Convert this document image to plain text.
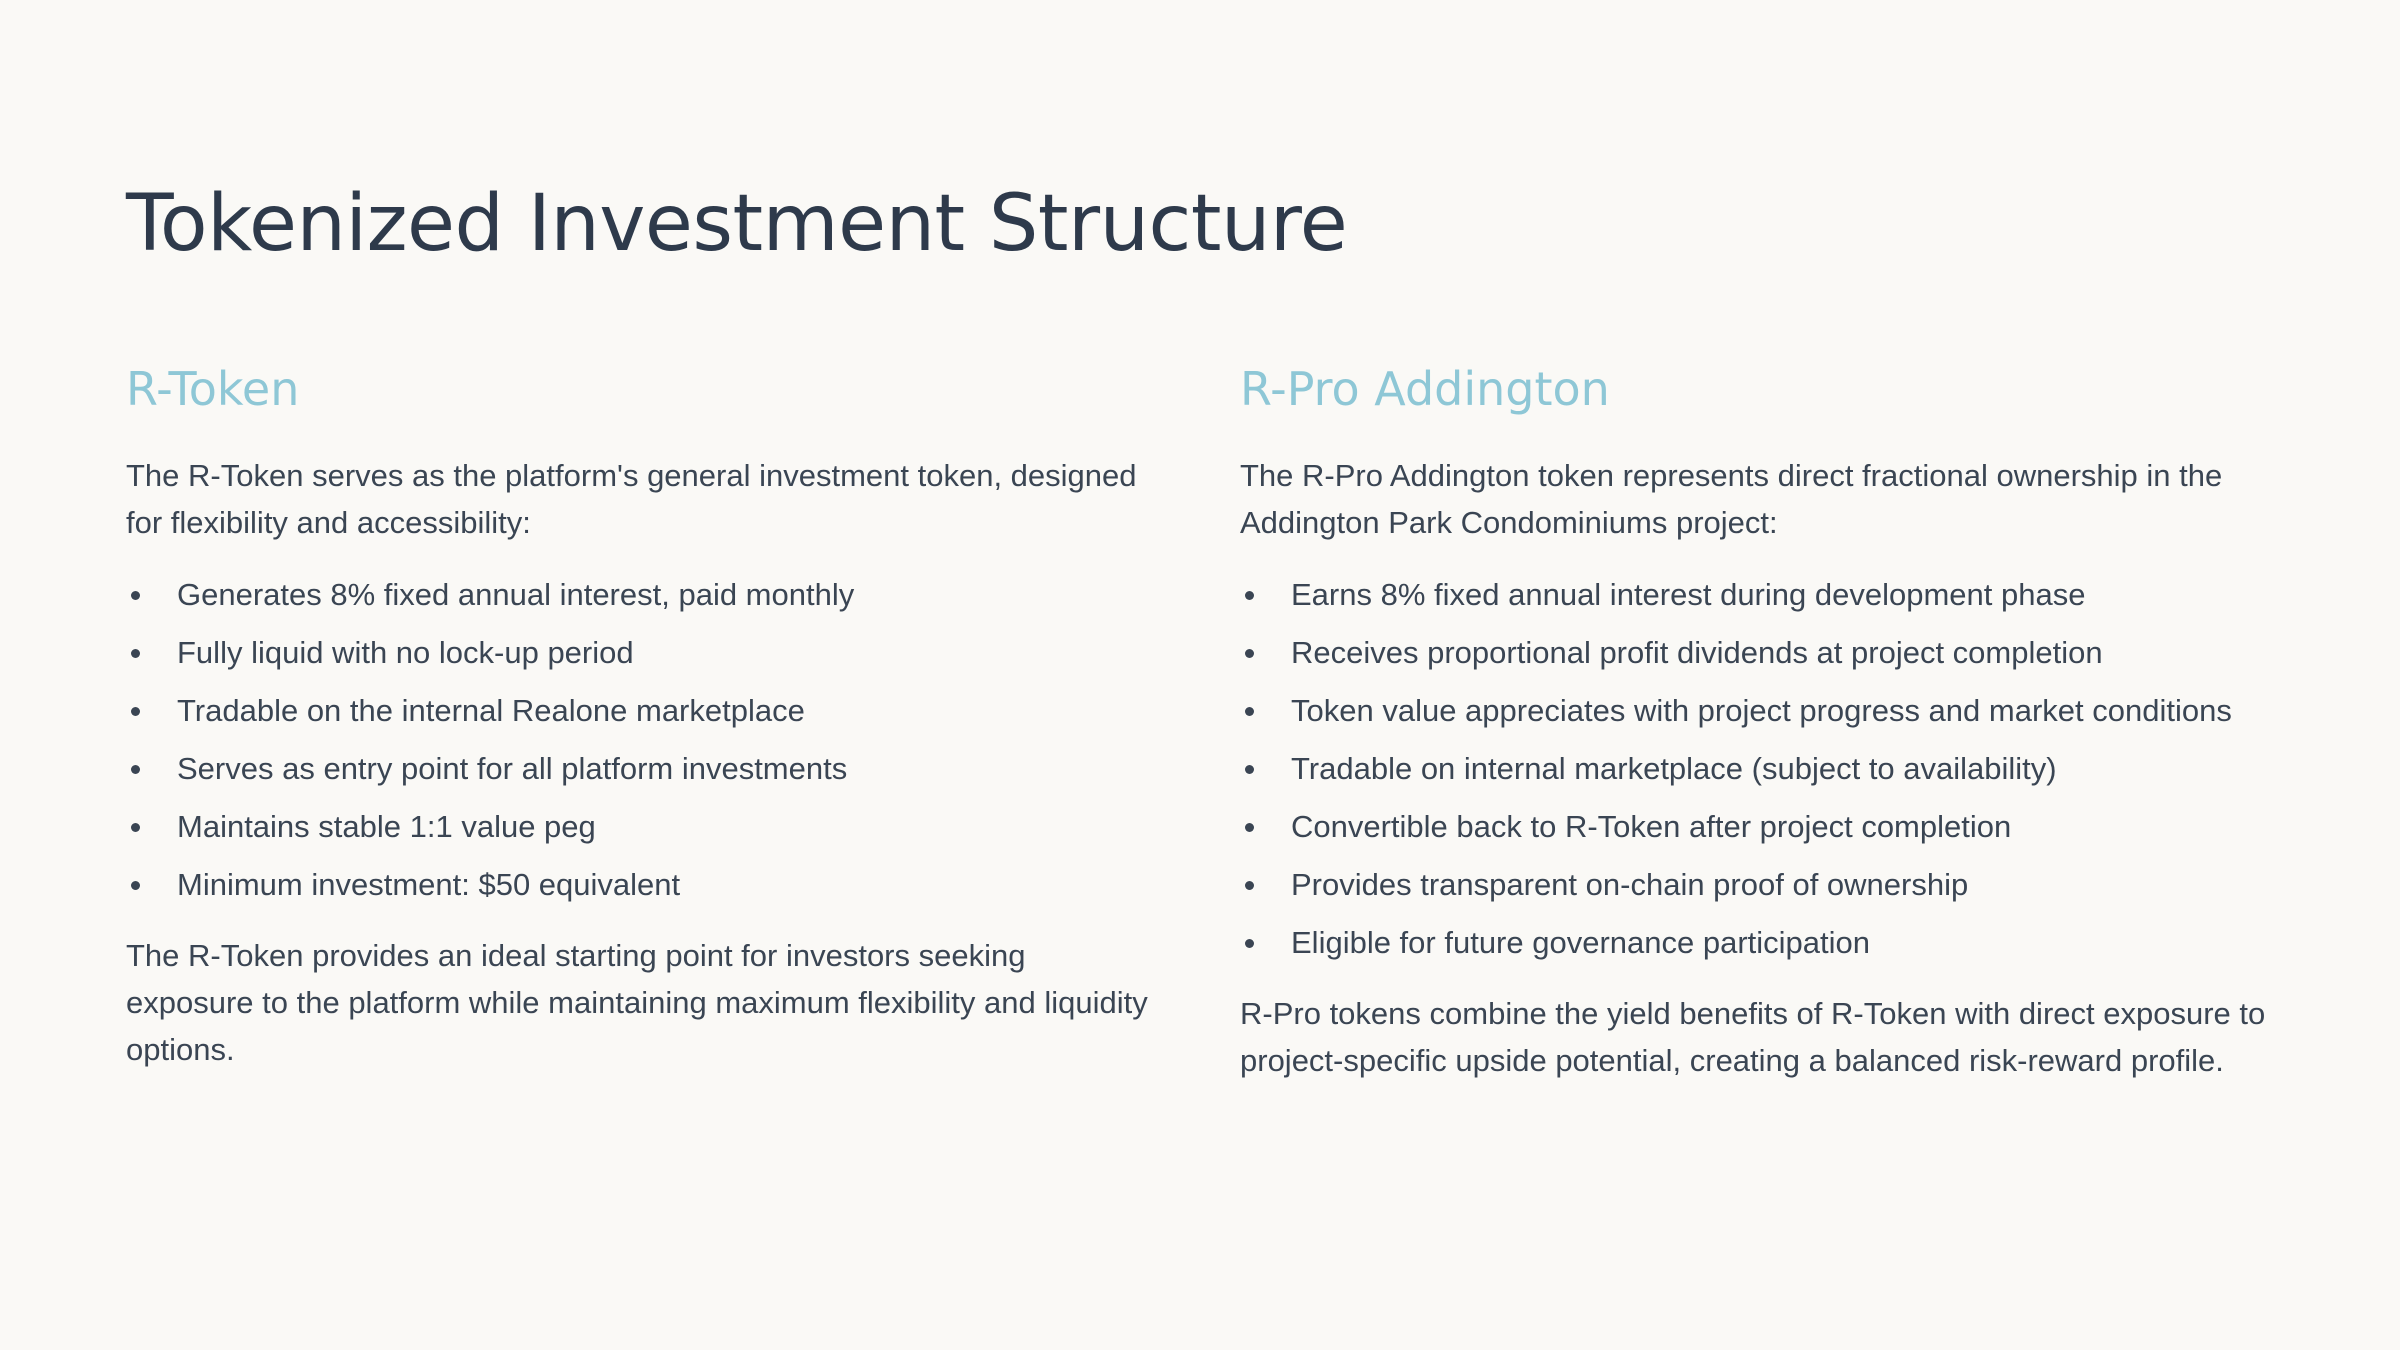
Tokenized Investment Structure
R-Token

The R-Token serves as the platform's general investment token, designed for flexibility and accessibility:

Generates 8% fixed annual interest, paid monthly
Fully liquid with no lock-up period
Tradable on the internal Realone marketplace
Serves as entry point for all platform investments
Maintains stable 1:1 value peg
Minimum investment: $50 equivalent

The R-Token provides an ideal starting point for investors seeking exposure to the platform while maintaining maximum flexibility and liquidity options.

R-Pro Addington

The R-Pro Addington token represents direct fractional ownership in the Addington Park Condominiums project:

Earns 8% fixed annual interest during development phase
Receives proportional profit dividends at project completion
Token value appreciates with project progress and market conditions
Tradable on internal marketplace (subject to availability)
Convertible back to R-Token after project completion
Provides transparent on-chain proof of ownership
Eligible for future governance participation

R-Pro tokens combine the yield benefits of R-Token with direct exposure to project-specific upside potential, creating a balanced risk-reward profile.
